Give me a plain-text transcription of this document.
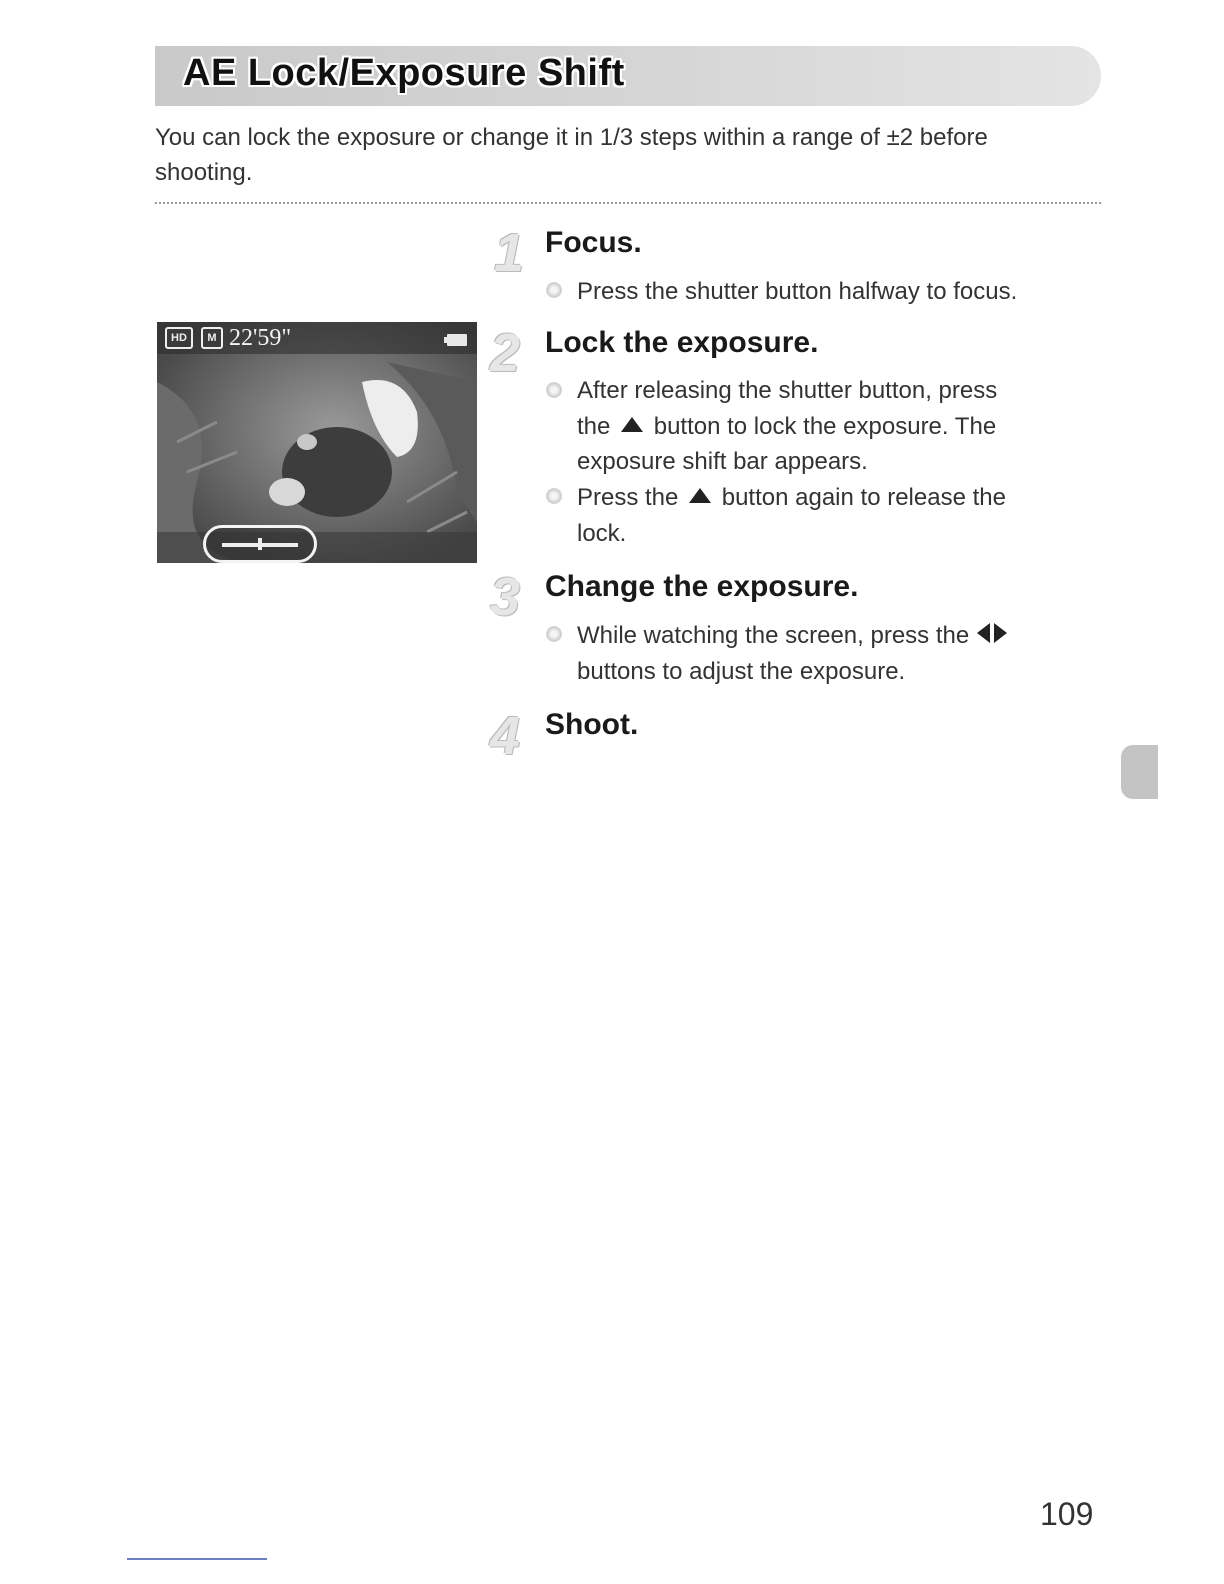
AE Lock/Exposure Shift
You can lock the exposure or change it in 1/3 steps within a range of ±2 before shooting.
HD	M 22'59"
1 Focus.
Press the shutter button halfway to focus.
2 Lock the exposure.
After releasing the shutter button, press
the button to lock the exposure. The
exposure shift bar appears.
Press the button again to release the
lock.
3 Change the exposure.
While watching the screen, press the
buttons to adjust the exposure.
4 Shoot.
109
